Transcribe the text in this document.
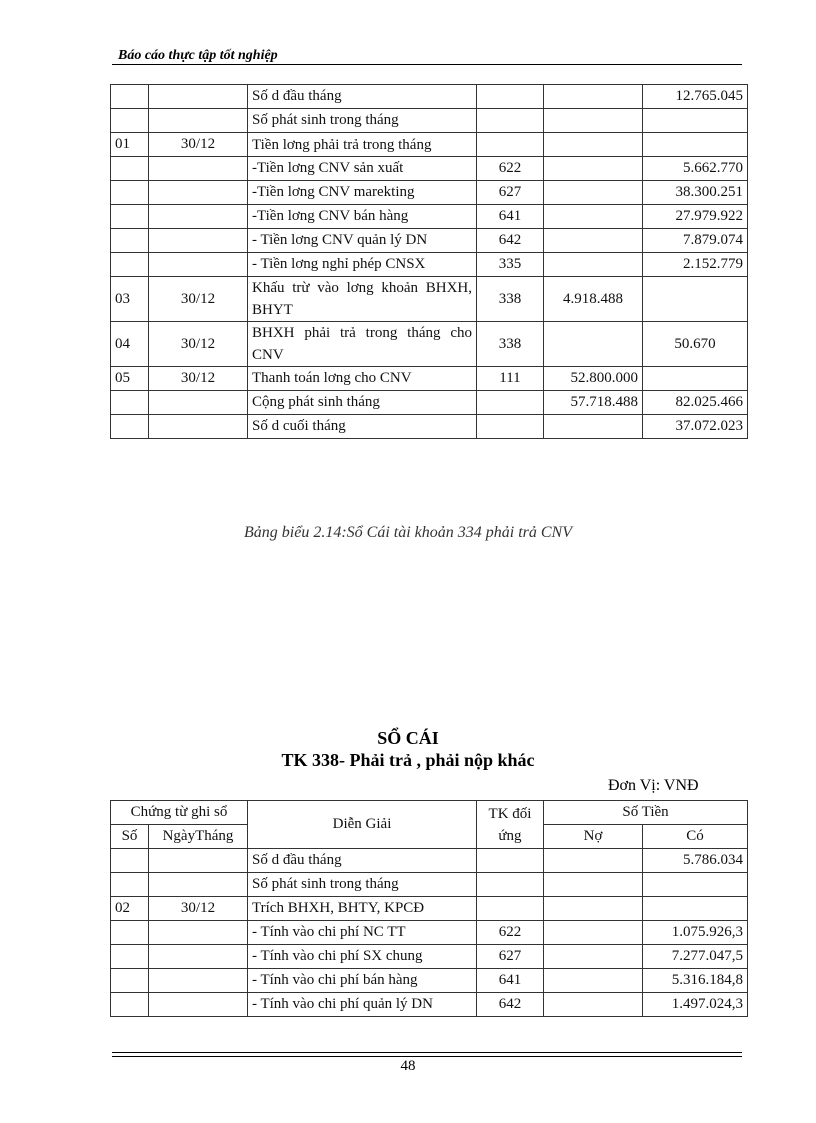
Báo cáo thực tập tốt nghiệp
		Số d đầu tháng			12.765.045
		Số phát sinh trong tháng			
01	30/12	Tiền lơng phải trả trong tháng			
		-Tiền lơng CNV sản xuất	622		5.662.770
		-Tiền lơng CNV marekting	627		38.300.251
		-Tiền lơng CNV bán hàng	641		27.979.922
		- Tiền lơng CNV quản lý DN	642		7.879.074
		- Tiền lơng nghỉ phép CNSX	335		2.152.779
03	30/12	Khấu trừ vào lơng khoản BHXH, BHYT	338	4.918.488	
04	30/12	BHXH phải trả trong tháng cho CNV	338		50.670
05	30/12	Thanh toán lơng cho CNV	111	52.800.000	
		Cộng phát sinh tháng		57.718.488	82.025.466
		Số d cuối tháng			37.072.023
Bảng biểu 2.14:Sổ Cái tài khoản 334 phải trả CNV
SỔ CÁI
TK 338- Phải trả , phải nộp khác
Đơn Vị: VNĐ
Chứng từ ghi sổ		Diễn Giải	TK đối ứng	Số Tiền	
Số	NgàyTháng			Nợ	Có
		Số d đầu tháng			5.786.034
		Số phát sinh trong tháng			
02	30/12	Trích BHXH, BHTY, KPCĐ			
		- Tính vào chi phí NC TT	622		1.075.926,3
		- Tính vào chi phí SX chung	627		7.277.047,5
		- Tính vào chi phí bán hàng	641		5.316.184,8
		- Tính vào chi phí quản lý DN	642		1.497.024,3
48
